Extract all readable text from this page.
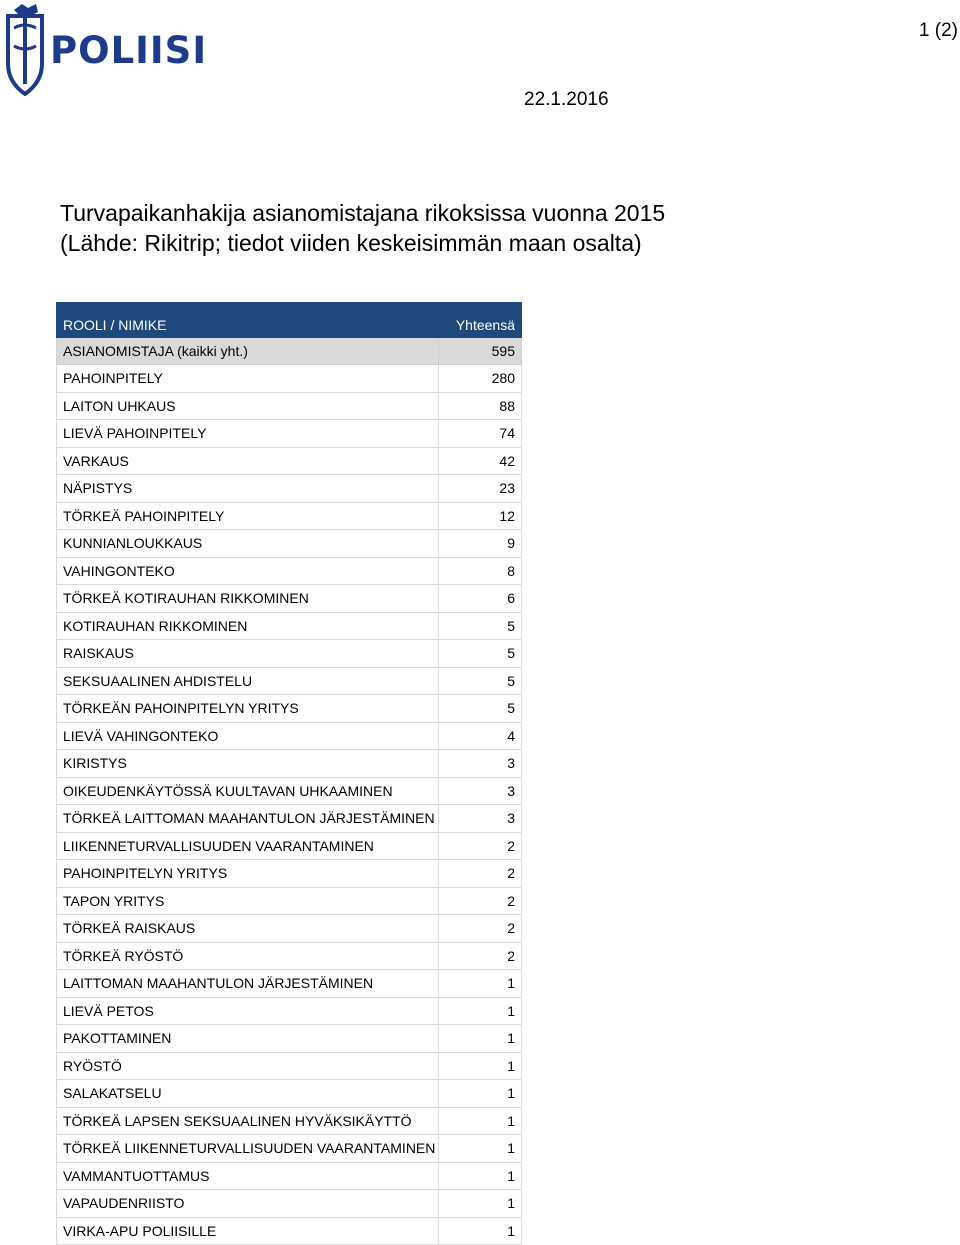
POLIISI	1 (2)
22.1.2016
Turvapaikanhakija asianomistajana rikoksissa vuonna 2015
(Lähde: Rikitrip; tiedot viiden keskeisimmän maan osalta)
ROOLI / NIMIKE	Yhteensä
ASIANOMISTAJA (kaikki yht.)	595
PAHOINPITELY	280
LAITON UHKAUS	88
LIEVÄ PAHOINPITELY	74
VARKAUS	42
NÄPISTYS	23
TÖRKEÄ PAHOINPITELY	12
KUNNIANLOUKKAUS	9
VAHINGONTEKO	8
TÖRKEÄ KOTIRAUHAN RIKKOMINEN	6
KOTIRAUHAN RIKKOMINEN	5
RAISKAUS	5
SEKSUAALINEN AHDISTELU	5
TÖRKEÄN PAHOINPITELYN YRITYS	5
LIEVÄ VAHINGONTEKO	4
KIRISTYS	3
OIKEUDENKÄYTÖSSÄ KUULTAVAN UHKAAMINEN	3
TÖRKEÄ LAITTOMAN MAAHANTULON JÄRJESTÄMINEN	3
LIIKENNETURVALLISUUDEN VAARANTAMINEN	2
PAHOINPITELYN YRITYS	2
TAPON YRITYS	2
TÖRKEÄ RAISKAUS	2
TÖRKEÄ RYÖSTÖ	2
LAITTOMAN MAAHANTULON JÄRJESTÄMINEN	1
LIEVÄ PETOS	1
PAKOTTAMINEN	1
RYÖSTÖ	1
SALAKATSELU	1
TÖRKEÄ LAPSEN SEKSUAALINEN HYVÄKSIKÄYTTÖ	1
TÖRKEÄ LIIKENNETURVALLISUUDEN VAARANTAMINEN	1
VAMMANTUOTTAMUS	1
VAPAUDENRIISTO	1
VIRKA-APU POLIISILLE	1
